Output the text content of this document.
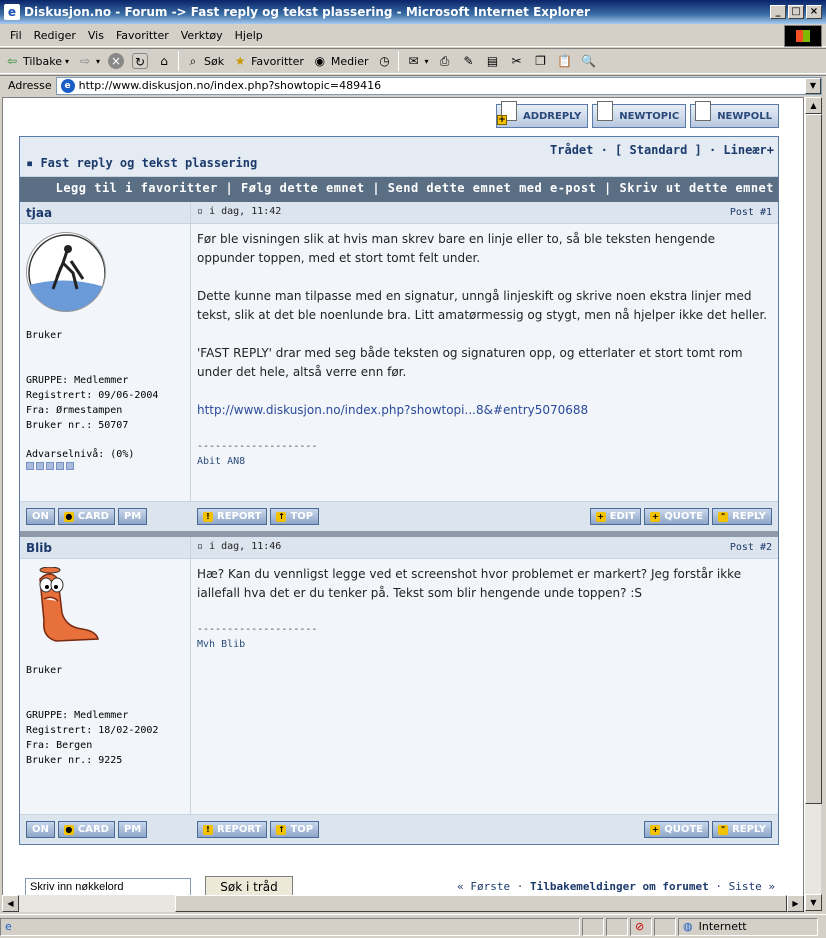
e Diskusjon.no - Forum -> Fast reply og tekst plassering - Microsoft Internet Explorer	_	□ ×
Fil Rediger Vis Favoritter Verktøy Hjelp
⇦ Tilbake ▾ ⇨ ▾ × ↻	⌂	⌕ Søk ★ Favoritter ◉ Medier ◷ ✉ ▾ ⎙ ✎ ▤ ✂ ❐ 📋 🔍
Adresse	e http://www.diskusjon.no/index.php?showtopic=489416	▼
+ ADDREPLY	NEWTOPIC	NEWPOLL
▪ Fast reply og tekst plassering
Trådet · [ Standard ] · Lineær+
Legg til i favoritter | Følg dette emnet | Send dette emnet med e-post | Skriv ut dette emnet
tjaa	▫ i dag, 11:42	Post #1
Bruker
GRUPPE: Medlemmer
Registrert: 09/06-2004
Fra: Ørmestampen
Bruker nr.: 50707
Advarselnivå: (0%)

Før ble visningen slik at hvis man skrev bare en linje eller to, så ble teksten hengende oppunder toppen, med et stort tomt felt under.

Dette kunne man tilpasse med en signatur, unngå linjeskift og skrive noen ekstra linjer med tekst, slik at det ble noenlunde bra. Litt amatørmessig og stygt, men nå hjelper ikke det heller.

'FAST REPLY' drar med seg både teksten og signaturen opp, og etterlater et stort tomt rom under det hele, altså verre enn før.

http://www.diskusjon.no/index.php?showtopi...8&#entry5070688

--------------------
Abit AN8
ON	● CARD	PM	! REPORT ↑ TOP	+ EDIT + QUOTE	" REPLY
Blib	▫ i dag, 11:46	Post #2
Bruker
GRUPPE: Medlemmer
Registrert: 18/02-2002
Fra: Bergen
Bruker nr.: 9225

Hæ? Kan du vennligst legge ved et screenshot hvor problemet er markert? Jeg forstår ikke iallefall hva det er du tenker på. Tekst som blir hengende unde toppen? :S

--------------------
Mvh Blib
ON	● CARD	PM	! REPORT ↑ TOP	+ QUOTE	" REPLY
Skriv inn nøkkelord
Søk i tråd	« Første · Tilbakemeldinger om forumet · Siste »
▲
▼
◀	▶
e	⊘	◍ Internett
